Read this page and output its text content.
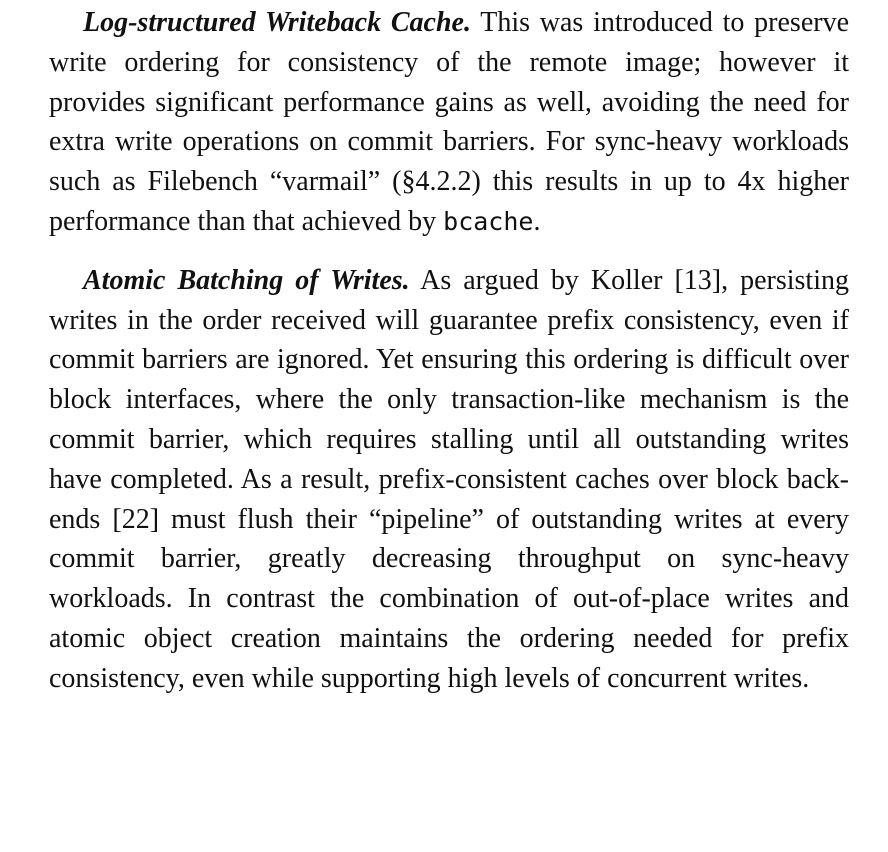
Log-structured Writeback Cache. This was introduced to preserve write ordering for consistency of the remote image; however it provides significant performance gains as well, avoiding the need for extra write operations on commit barriers. For sync-heavy workloads such as Filebench “varmail” (§4.2.2) this results in up to 4x higher performance than that achieved by bcache.

Atomic Batching of Writes. As argued by Koller [13], persisting writes in the order received will guarantee prefix consistency, even if commit barriers are ignored. Yet ensuring this ordering is difficult over block interfaces, where the only transaction-like mechanism is the commit barrier, which requires stalling until all outstanding writes have completed. As a result, prefix-consistent caches over block back-ends [22] must flush their “pipeline” of outstanding writes at every commit barrier, greatly decreasing throughput on sync-heavy workloads. In contrast the combination of out-of-place writes and atomic object creation maintains the ordering needed for prefix consistency, even while supporting high levels of concurrent writes.
